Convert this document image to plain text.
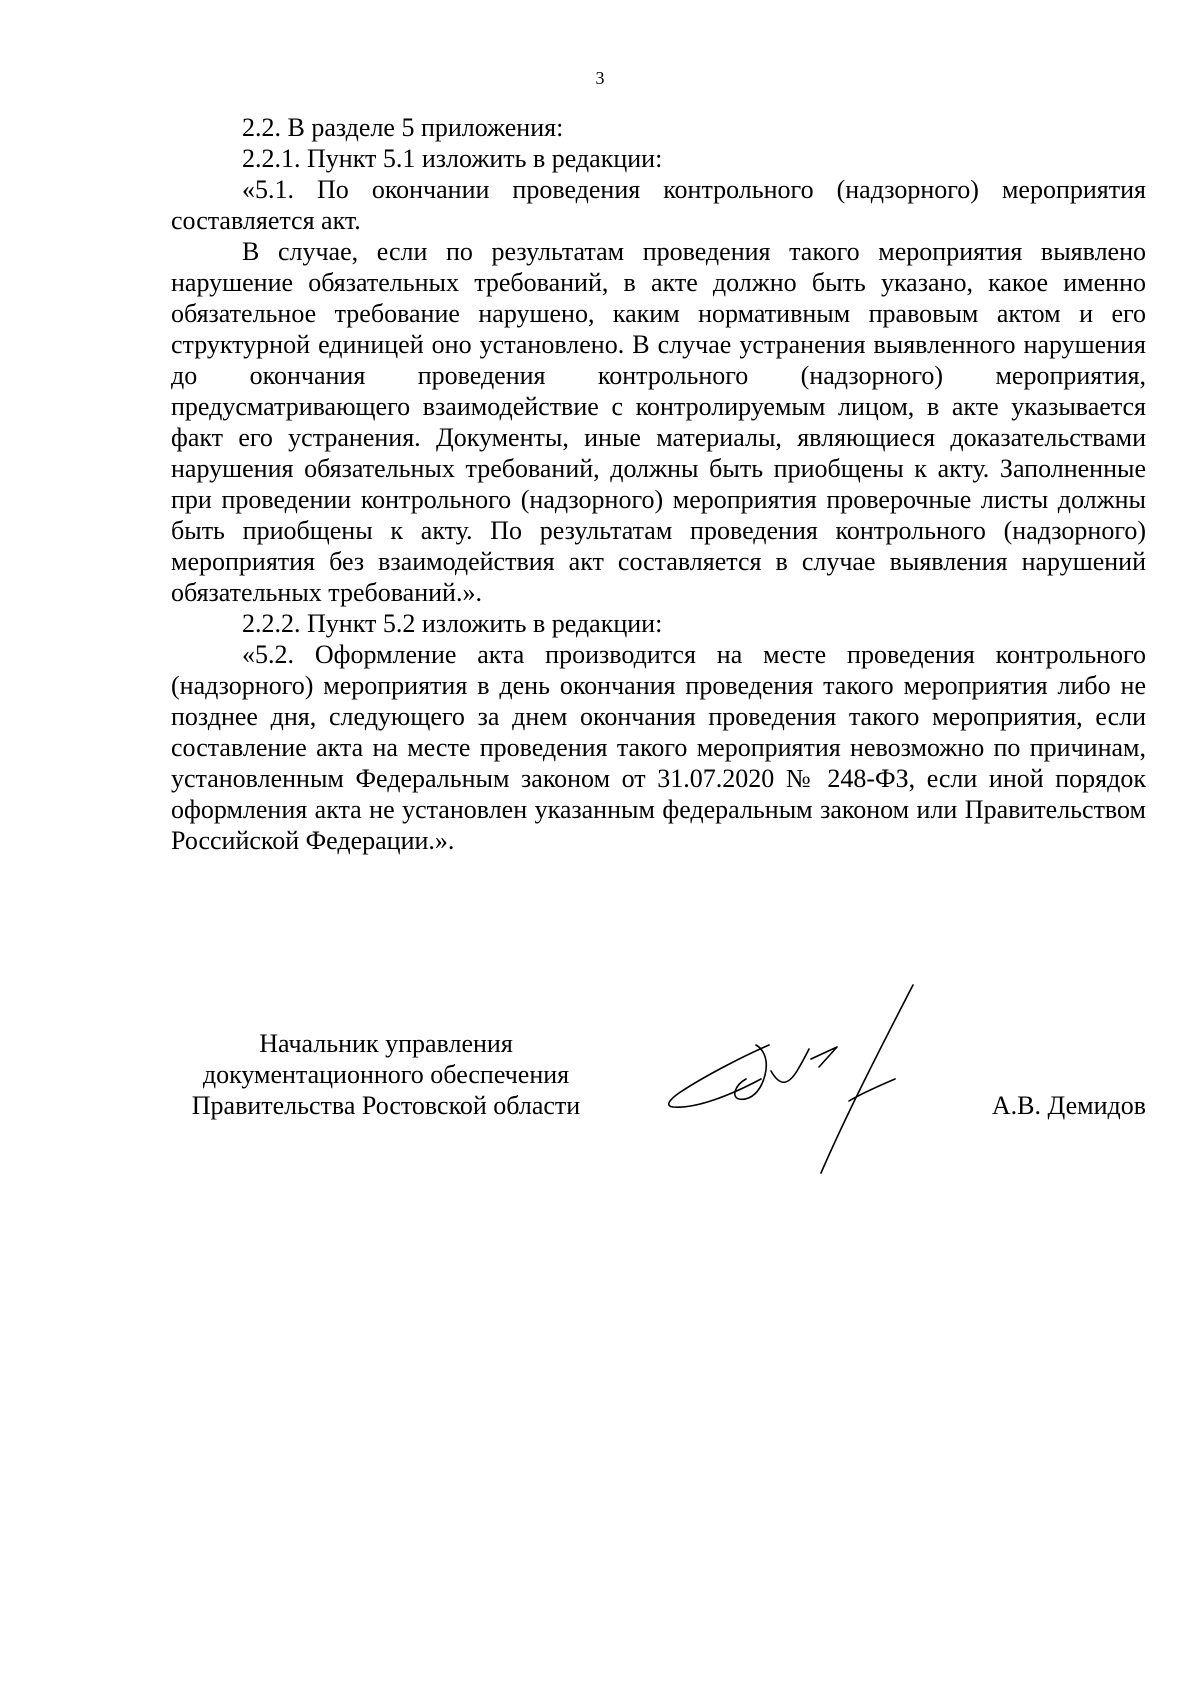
3

2.2. В разделе 5 приложения:

2.2.1. Пункт 5.1 изложить в редакции:

«5.1. По окончании проведения контрольного (надзорного) мероприятия составляется акт.

В случае, если по результатам проведения такого мероприятия выявлено нарушение обязательных требований, в акте должно быть указано, какое именно обязательное требование нарушено, каким нормативным правовым актом и его структурной единицей оно установлено. В случае устранения выявленного нарушения до окончания проведения контрольного (надзорного) мероприятия, предусматривающего взаимодействие с контролируемым лицом, в акте указывается факт его устранения. Документы, иные материалы, являющиеся доказательствами нарушения обязательных требований, должны быть приобщены к акту. Заполненные при проведении контрольного (надзорного) мероприятия проверочные листы должны быть приобщены к акту. По результатам проведения контрольного (надзорного) мероприятия без взаимодействия акт составляется в случае выявления нарушений обязательных требований.».

2.2.2. Пункт 5.2 изложить в редакции:

«5.2. Оформление акта производится на месте проведения контрольного (надзорного) мероприятия в день окончания проведения такого мероприятия либо не позднее дня, следующего за днем окончания проведения такого мероприятия, если составление акта на месте проведения такого мероприятия невозможно по причинам, установленным Федеральным законом от 31.07.2020 № 248-ФЗ, если иной порядок оформления акта не установлен указанным федеральным законом или Правительством Российской Федерации.».

Начальник управления
документационного обеспечения
Правительства Ростовской области	А.В. Демидов
